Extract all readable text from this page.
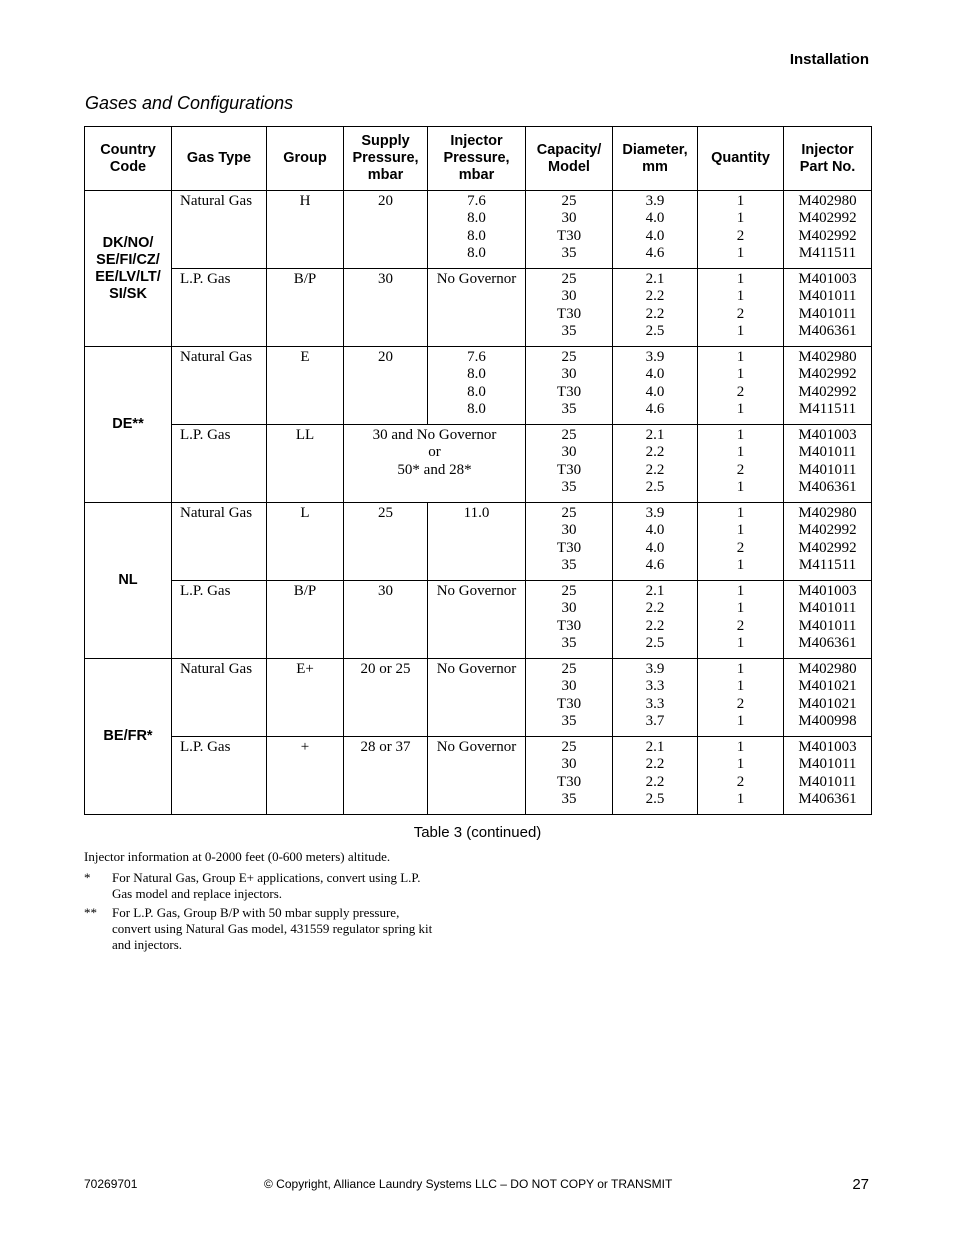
Installation
Gases and Configurations
Country
Code	Gas Type	Group	Supply
Pressure,
mbar	Injector
Pressure,
mbar	Capacity/
Model	Diameter,
mm	Quantity	Injector
Part No.

DK/NO/
SE/FI/CZ/
EE/LV/LT/
SI/SK	Natural Gas	H	20	7.6
8.0
8.0
8.0	25
30
T30
35	3.9
4.0
4.0
4.6	1
1
2
1	M402980
M402992
M402992
M411511

	L.P. Gas	B/P	30	No Governor	25
30
T30
35	2.1
2.2
2.2
2.5	1
1
2
1	M401003
M401011
M401011
M406361

DE**	Natural Gas	E	20	7.6
8.0
8.0
8.0	25
30
T30
35	3.9
4.0
4.0
4.6	1
1
2
1	M402980
M402992
M402992
M411511

	L.P. Gas	LL	30 and No Governor
or
50* and 28*		25
30
T30
35	2.1
2.2
2.2
2.5	1
1
2
1	M401003
M401011
M401011
M406361

NL	Natural Gas	L	25	11.0	25
30
T30
35	3.9
4.0
4.0
4.6	1
1
2
1	M402980
M402992
M402992
M411511

	L.P. Gas	B/P	30	No Governor	25
30
T30
35	2.1
2.2
2.2
2.5	1
1
2
1	M401003
M401011
M401011
M406361

BE/FR*	Natural Gas	E+	20 or 25	No Governor	25
30
T30
35	3.9
3.3
3.3
3.7	1
1
2
1	M402980
M401021
M401021
M400998

	L.P. Gas	+	28 or 37	No Governor	25
30
T30
35	2.1
2.2
2.2
2.5	1
1
2
1	M401003
M401011
M401011
M406361
Table 3 (continued)
Injector information at 0-2000 feet (0-600 meters) altitude.
* For Natural Gas, Group E+ applications, convert using L.P.
Gas model and replace injectors.
** For L.P. Gas, Group B/P with 50 mbar supply pressure,
convert using Natural Gas model, 431559 regulator spring kit
and injectors.
70269701	© Copyright, Alliance Laundry Systems LLC – DO NOT COPY or TRANSMIT	27
